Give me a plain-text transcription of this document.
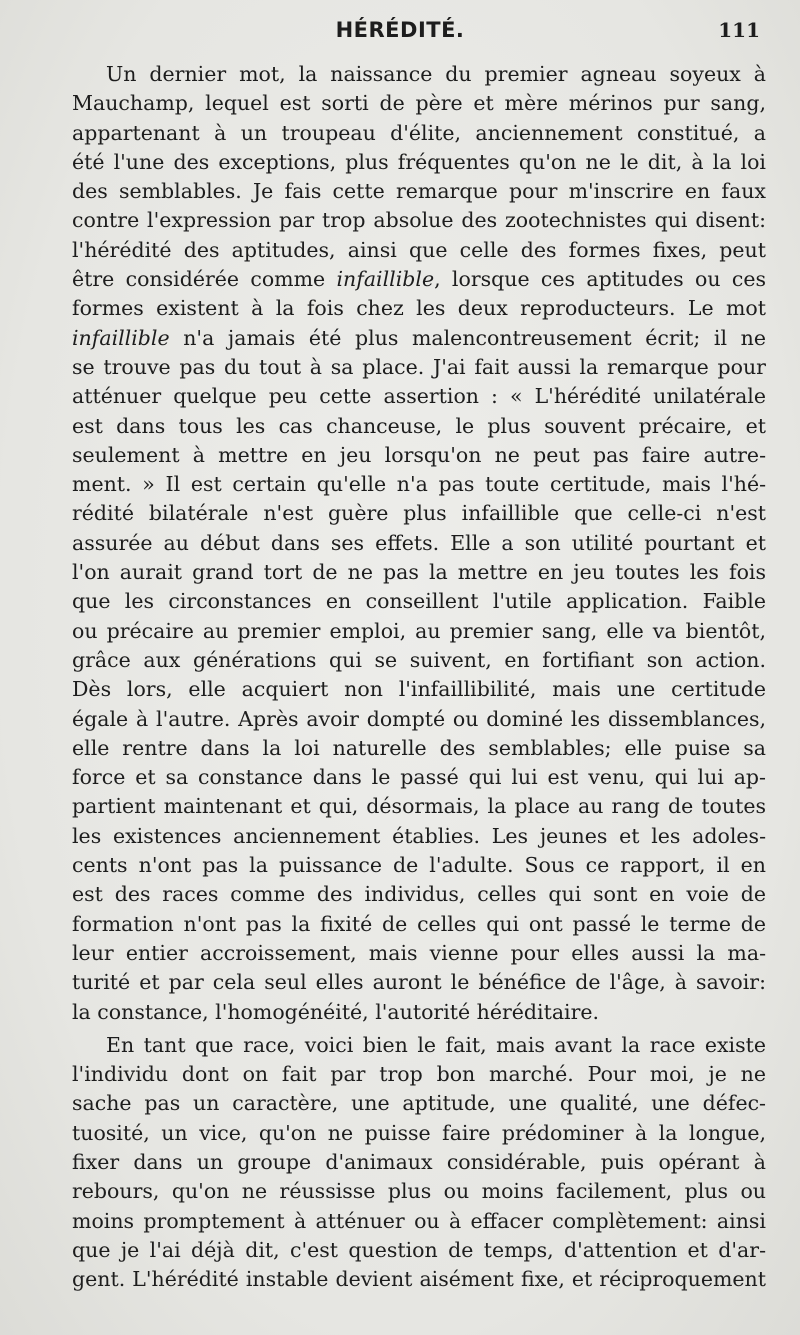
HÉRÉDITÉ.	111
Un dernier mot, la naissance du premier agneau soyeux à
Mauchamp, lequel est sorti de père et mère mérinos pur sang,
appartenant à un troupeau d'élite, anciennement constitué, a
été l'une des exceptions, plus fréquentes qu'on ne le dit, à la loi
des semblables. Je fais cette remarque pour m'inscrire en faux
contre l'expression par trop absolue des zootechnistes qui disent:
l'hérédité des aptitudes, ainsi que celle des formes fixes, peut
être considérée comme infaillible, lorsque ces aptitudes ou ces
formes existent à la fois chez les deux reproducteurs. Le mot
infaillible n'a jamais été plus malencontreusement écrit; il ne
se trouve pas du tout à sa place. J'ai fait aussi la remarque pour
atténuer quelque peu cette assertion : « L'hérédité unilatérale
est dans tous les cas chanceuse, le plus souvent précaire, et
seulement à mettre en jeu lorsqu'on ne peut pas faire autre-
ment. » Il est certain qu'elle n'a pas toute certitude, mais l'hé-
rédité bilatérale n'est guère plus infaillible que celle-ci n'est
assurée au début dans ses effets. Elle a son utilité pourtant et
l'on aurait grand tort de ne pas la mettre en jeu toutes les fois
que les circonstances en conseillent l'utile application. Faible
ou précaire au premier emploi, au premier sang, elle va bientôt,
grâce aux générations qui se suivent, en fortifiant son action.
Dès lors, elle acquiert non l'infaillibilité, mais une certitude
égale à l'autre. Après avoir dompté ou dominé les dissemblances,
elle rentre dans la loi naturelle des semblables; elle puise sa
force et sa constance dans le passé qui lui est venu, qui lui ap-
partient maintenant et qui, désormais, la place au rang de toutes
les existences anciennement établies. Les jeunes et les adoles-
cents n'ont pas la puissance de l'adulte. Sous ce rapport, il en
est des races comme des individus, celles qui sont en voie de
formation n'ont pas la fixité de celles qui ont passé le terme de
leur entier accroissement, mais vienne pour elles aussi la ma-
turité et par cela seul elles auront le bénéfice de l'âge, à savoir:
la constance, l'homogénéité, l'autorité héréditaire.
En tant que race, voici bien le fait, mais avant la race existe
l'individu dont on fait par trop bon marché. Pour moi, je ne
sache pas un caractère, une aptitude, une qualité, une défec-
tuosité, un vice, qu'on ne puisse faire prédominer à la longue,
fixer dans un groupe d'animaux considérable, puis opérant à
rebours, qu'on ne réussisse plus ou moins facilement, plus ou
moins promptement à atténuer ou à effacer complètement: ainsi
que je l'ai déjà dit, c'est question de temps, d'attention et d'ar-
gent. L'hérédité instable devient aisément fixe, et réciproquement
